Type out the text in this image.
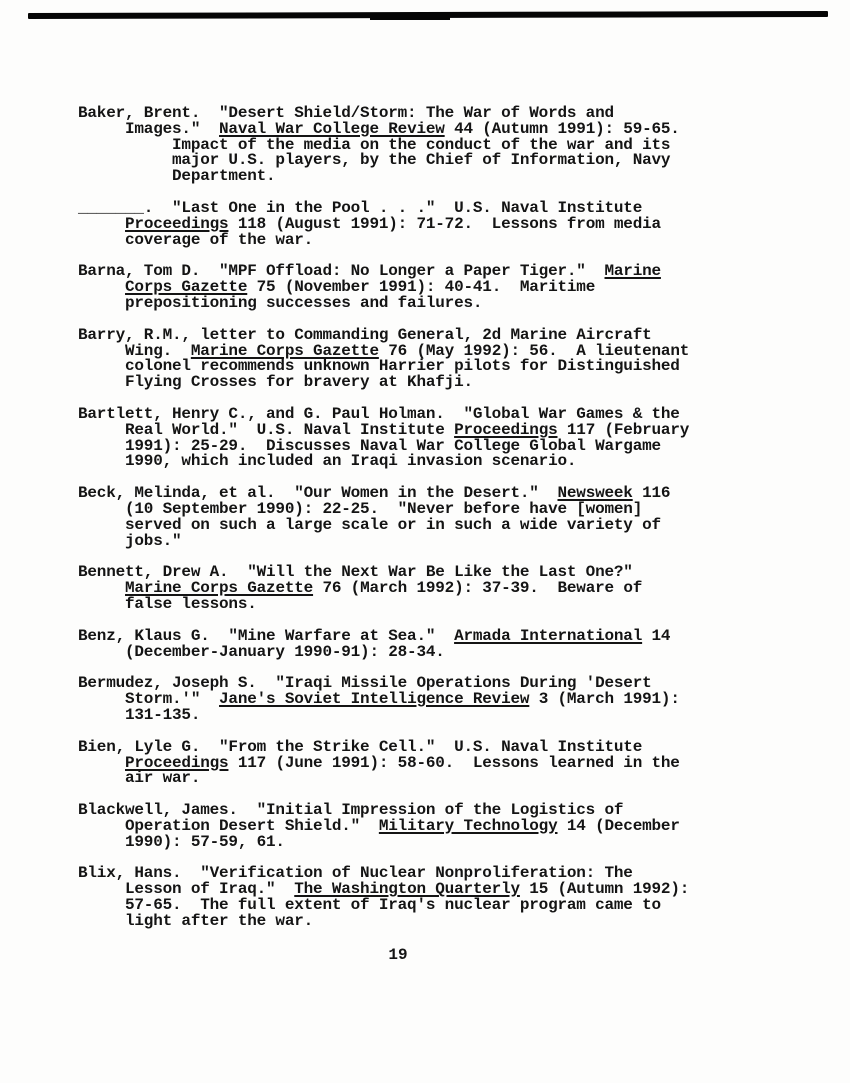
Baker, Brent.  "Desert Shield/Storm: The War of Words and
Images."  Naval War College Review 44 (Autumn 1991): 59-65.
Impact of the media on the conduct of the war and its
major U.S. players, by the Chief of Information, Navy
Department.
_______.  "Last One in the Pool . . ."  U.S. Naval Institute
Proceedings 118 (August 1991): 71-72.  Lessons from media
coverage of the war.
Barna, Tom D.  "MPF Offload: No Longer a Paper Tiger."  Marine
Corps Gazette 75 (November 1991): 40-41.  Maritime
prepositioning successes and failures.
Barry, R.M., letter to Commanding General, 2d Marine Aircraft
Wing.  Marine Corps Gazette 76 (May 1992): 56.  A lieutenant
colonel recommends unknown Harrier pilots for Distinguished
Flying Crosses for bravery at Khafji.
Bartlett, Henry C., and G. Paul Holman.  "Global War Games & the
Real World."  U.S. Naval Institute Proceedings 117 (February
1991): 25-29.  Discusses Naval War College Global Wargame
1990, which included an Iraqi invasion scenario.
Beck, Melinda, et al.  "Our Women in the Desert."  Newsweek 116
(10 September 1990): 22-25.  "Never before have [women]
served on such a large scale or in such a wide variety of
jobs."
Bennett, Drew A.  "Will the Next War Be Like the Last One?"
Marine Corps Gazette 76 (March 1992): 37-39.  Beware of
false lessons.
Benz, Klaus G.  "Mine Warfare at Sea."  Armada International 14
(December-January 1990-91): 28-34.
Bermudez, Joseph S.  "Iraqi Missile Operations During 'Desert
Storm.'"  Jane's Soviet Intelligence Review 3 (March 1991):
131-135.
Bien, Lyle G.  "From the Strike Cell."  U.S. Naval Institute
Proceedings 117 (June 1991): 58-60.  Lessons learned in the
air war.
Blackwell, James.  "Initial Impression of the Logistics of
Operation Desert Shield."  Military Technology 14 (December
1990): 57-59, 61.
Blix, Hans.  "Verification of Nuclear Nonproliferation: The
Lesson of Iraq."  The Washington Quarterly 15 (Autumn 1992):
57-65.  The full extent of Iraq's nuclear program came to
light after the war.
19
